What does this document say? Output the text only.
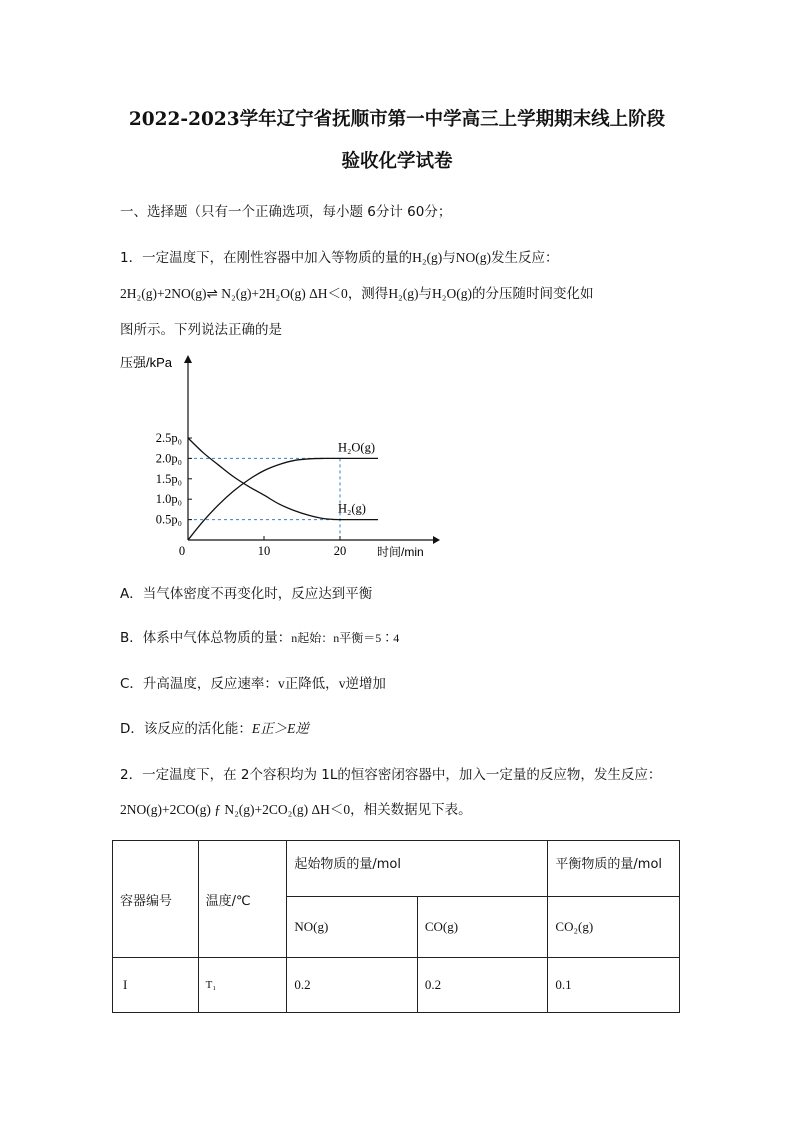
2022-2023学年辽宁省抚顺市第一中学高三上学期期末线上阶段
验收化学试卷
一、选择题（只有一个正确选项，每小题 6分计 60分；
1．一定温度下，在刚性容器中加入等物质的量的H₂(g)与NO(g)发生反应：
2H₂(g)+2NO(g)⇌ N₂(g)+2H₂O(g) ΔH＜0，测得H₂(g)与H₂O(g)的分压随时间变化如
图所示。下列说法正确的是
压强/kPa
时间/min
0.5p₀
1.0p₀
1.5p₀
2.0p₀
2.5p₀
0	10	20
H₂O(g)
H₂(g)
A．当气体密度不再变化时，反应达到平衡
B．体系中气体总物质的量：n起始：n平衡＝5∶4
C．升高温度，反应速率：v正降低，v逆增加
D．该反应的活化能：E正＞E逆
2．一定温度下，在 2个容积均为 1L的恒容密闭容器中，加入一定量的反应物，发生反应：
2NO(g)+2CO(g) ƒ N₂(g)+2CO₂(g) ΔH＜0，相关数据见下表。
容器编号	温度/℃	起始物质的量/mol		平衡物质的量/mol
		NO(g)	CO(g)	CO₂(g)
I	T₁	0.2	0.2	0.1
